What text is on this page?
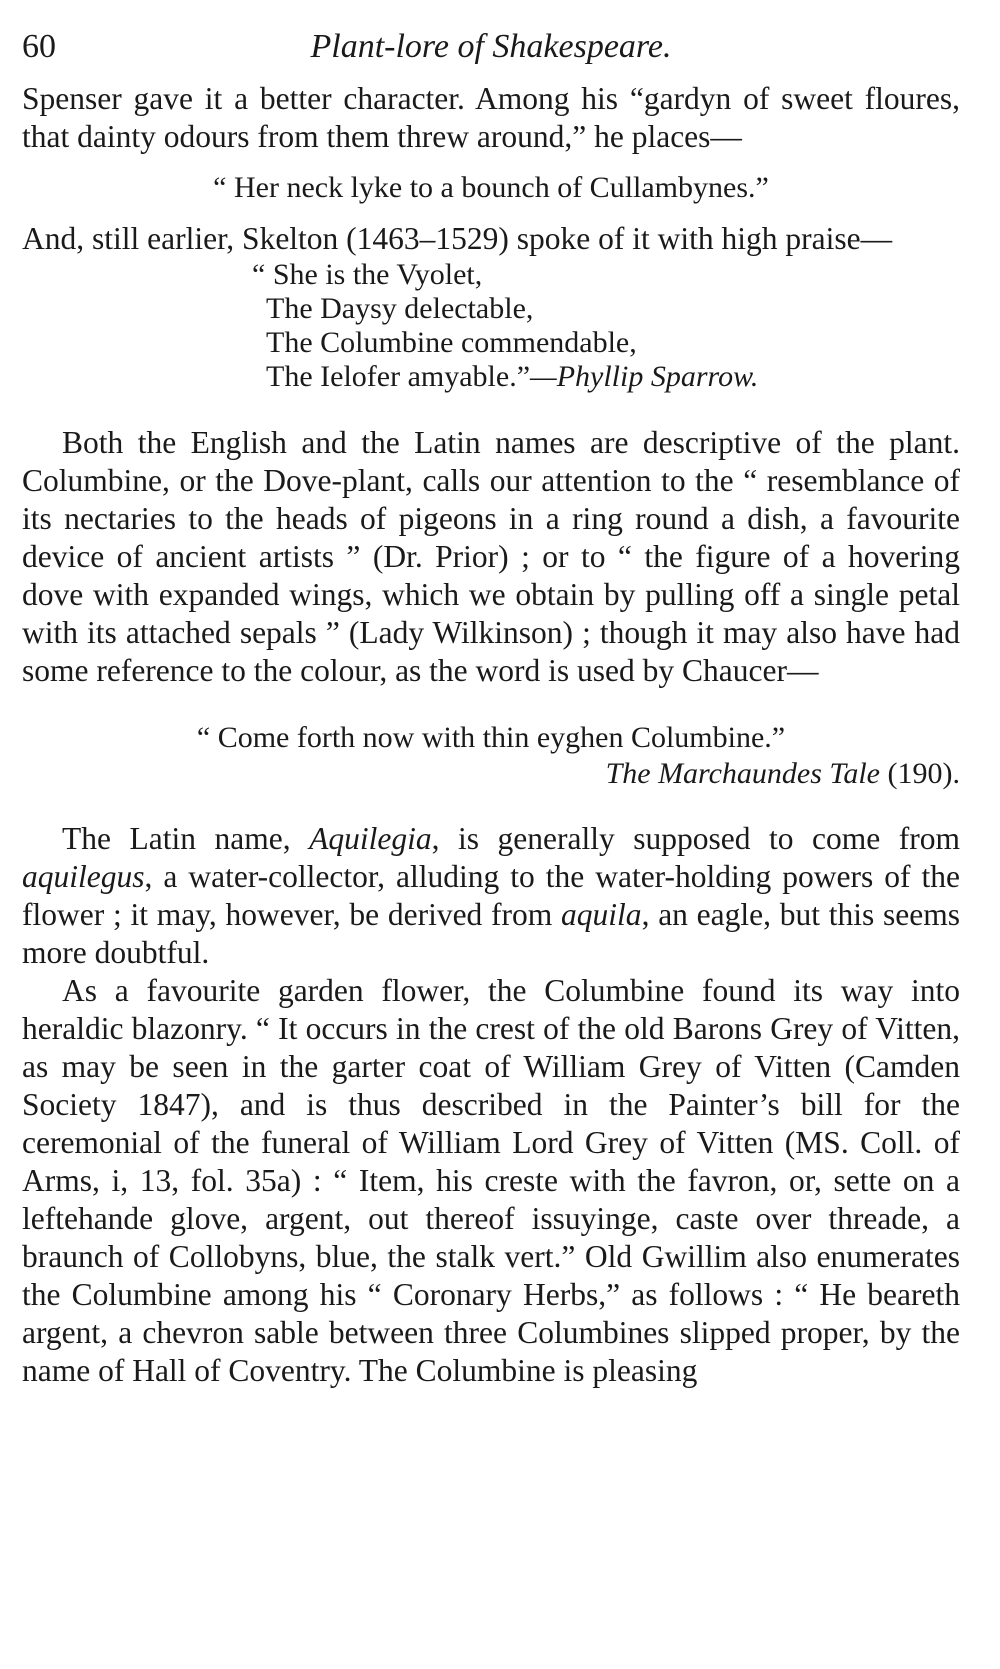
60	Plant-lore of Shakespeare.

Spenser gave it a better character. Among his “gardyn of sweet floures, that dainty odours from them threw around,” he places—

“ Her neck lyke to a bounch of Cullambynes.”

And, still earlier, Skelton (1463–1529) spoke of it with high praise—

“ She is the Vyolet,
The Daysy delectable,
The Columbine commendable,
The Ielofer amyable.”—Phyllip Sparrow.

Both the English and the Latin names are descriptive of the plant. Columbine, or the Dove-plant, calls our attention to the “ resemblance of its nectaries to the heads of pigeons in a ring round a dish, a favourite device of ancient artists ” (Dr. Prior) ; or to “ the figure of a hovering dove with expanded wings, which we obtain by pulling off a single petal with its attached sepals ” (Lady Wilkinson) ; though it may also have had some reference to the colour, as the word is used by Chaucer—

“ Come forth now with thin eyghen Columbine.”

The Marchaundes Tale (190).

The Latin name, Aquilegia, is generally supposed to come from aquilegus, a water-collector, alluding to the water-holding powers of the flower ; it may, however, be derived from aquila, an eagle, but this seems more doubtful.

As a favourite garden flower, the Columbine found its way into heraldic blazonry. “ It occurs in the crest of the old Barons Grey of Vitten, as may be seen in the garter coat of William Grey of Vitten (Camden Society 1847), and is thus described in the Painter’s bill for the ceremonial of the funeral of William Lord Grey of Vitten (MS. Coll. of Arms, i, 13, fol. 35a) : “ Item, his creste with the favron, or, sette on a leftehande glove, argent, out thereof issuyinge, caste over threade, a braunch of Collobyns, blue, the stalk vert.” Old Gwillim also enumerates the Columbine among his “ Coronary Herbs,” as follows : “ He beareth argent, a chevron sable between three Columbines slipped proper, by the name of Hall of Coventry. The Columbine is pleasing
